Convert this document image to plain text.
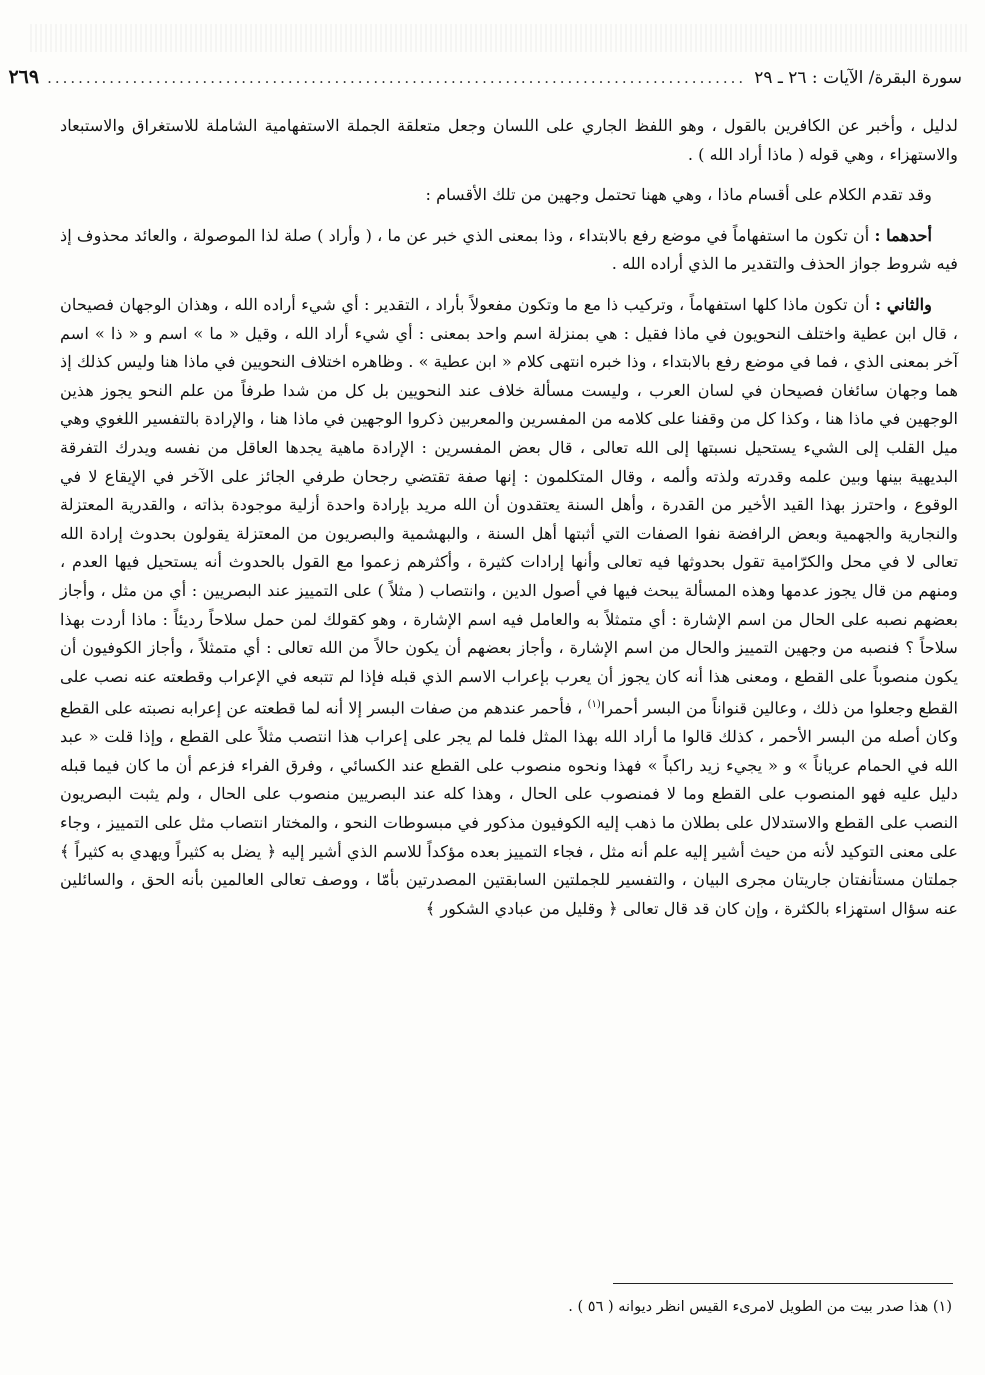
سورة البقرة/ الآيات : ٢٦ ـ ٢٩
..........................................................................................
٢٦٩

لدليل ، وأخبر عن الكافرين بالقول ، وهو اللفظ الجاري على اللسان وجعل متعلقة الجملة الاستفهامية الشاملة للاستغراق والاستبعاد والاستهزاء ، وهي قوله ( ماذا أراد الله ) .

وقد تقدم الكلام على أقسام ماذا ، وهي ههنا تحتمل وجهين من تلك الأقسام :

أحدهما : أن تكون ما استفهاماً في موضع رفع بالابتداء ، وذا بمعنى الذي خبر عن ما ، ( وأراد ) صلة لذا الموصولة ، والعائد محذوف إذ فيه شروط جواز الحذف والتقدير ما الذي أراده الله .

والثاني : أن تكون ماذا كلها استفهاماً ، وتركيب ذا مع ما وتكون مفعولاً بأراد ، التقدير : أي شيء أراده الله ، وهذان الوجهان فصيحان ، قال ابن عطية واختلف النحويون في ماذا فقيل : هي بمنزلة اسم واحد بمعنى : أي شيء أراد الله ، وقيل « ما » اسم و « ذا » اسم آخر بمعنى الذي ، فما في موضع رفع بالابتداء ، وذا خبره انتهى كلام « ابن عطية » . وظاهره اختلاف النحويين في ماذا هنا وليس كذلك إذ هما وجهان سائغان فصيحان في لسان العرب ، وليست مسألة خلاف عند النحويين بل كل من شدا طرفاً من علم النحو يجوز هذين الوجهين في ماذا هنا ، وكذا كل من وقفنا على كلامه من المفسرين والمعربين ذكروا الوجهين في ماذا هنا ، والإرادة بالتفسير اللغوي وهي ميل القلب إلى الشيء يستحيل نسبتها إلى الله تعالى ، قال بعض المفسرين : الإرادة ماهية يجدها العاقل من نفسه ويدرك التفرقة البديهية بينها وبين علمه وقدرته ولذته وألمه ، وقال المتكلمون : إنها صفة تقتضي رجحان طرفي الجائز على الآخر في الإيقاع لا في الوقوع ، واحترز بهذا القيد الأخير من القدرة ، وأهل السنة يعتقدون أن الله مريد بإرادة واحدة أزلية موجودة بذاته ، والقدرية المعتزلة والنجارية والجهمية وبعض الرافضة نفوا الصفات التي أثبتها أهل السنة ، والبهشمية والبصريون من المعتزلة يقولون بحدوث إرادة الله تعالى لا في محل والكرّامية تقول بحدوثها فيه تعالى وأنها إرادات كثيرة ، وأكثرهم زعموا مع القول بالحدوث أنه يستحيل فيها العدم ، ومنهم من قال يجوز عدمها وهذه المسألة يبحث فيها في أصول الدين ، وانتصاب ( مثلاً ) على التمييز عند البصريين : أي من مثل ، وأجاز بعضهم نصبه على الحال من اسم الإشارة : أي متمثلاً به والعامل فيه اسم الإشارة ، وهو كقولك لمن حمل سلاحاً رديئاً : ماذا أردت بهذا سلاحاً ؟ فنصبه من وجهين التمييز والحال من اسم الإشارة ، وأجاز بعضهم أن يكون حالاً من الله تعالى : أي متمثلاً ، وأجاز الكوفيون أن يكون منصوباً على القطع ، ومعنى هذا أنه كان يجوز أن يعرب بإعراب الاسم الذي قبله فإذا لم تتبعه في الإعراب وقطعته عنه نصب على القطع وجعلوا من ذلك ، وعالين قنواناً من البسر أحمرا$^{(١)}$ ، فأحمر عندهم من صفات البسر إلا أنه لما قطعته عن إعرابه نصبته على القطع وكان أصله من البسر الأحمر ، كذلك قالوا ما أراد الله بهذا المثل فلما لم يجر على إعراب هذا انتصب مثلاً على القطع ، وإذا قلت « عبد الله في الحمام عرياناً » و « يجيء زيد راكباً » فهذا ونحوه منصوب على القطع عند الكسائي ، وفرق الفراء فزعم أن ما كان فيما قبله دليل عليه فهو المنصوب على القطع وما لا فمنصوب على الحال ، وهذا كله عند البصريين منصوب على الحال ، ولم يثبت البصريون النصب على القطع والاستدلال على بطلان ما ذهب إليه الكوفيون مذكور في مبسوطات النحو ، والمختار انتصاب مثل على التمييز ، وجاء على معنى التوكيد لأنه من حيث أشير إليه علم أنه مثل ، فجاء التمييز بعده مؤكداً للاسم الذي أشير إليه ﴿ يضل به كثيراً ويهدي به كثيراً ﴾ جملتان مستأنفتان جاريتان مجرى البيان ، والتفسير للجملتين السابقتين المصدرتين بأمّا ، ووصف تعالى العالمين بأنه الحق ، والسائلين عنه سؤال استهزاء بالكثرة ، وإن كان قد قال تعالى ﴿ وقليل من عبادي الشكور ﴾

(١) هذا صدر بيت من الطويل لامرىء القيس انظر ديوانه ( ٥٦ ) .
